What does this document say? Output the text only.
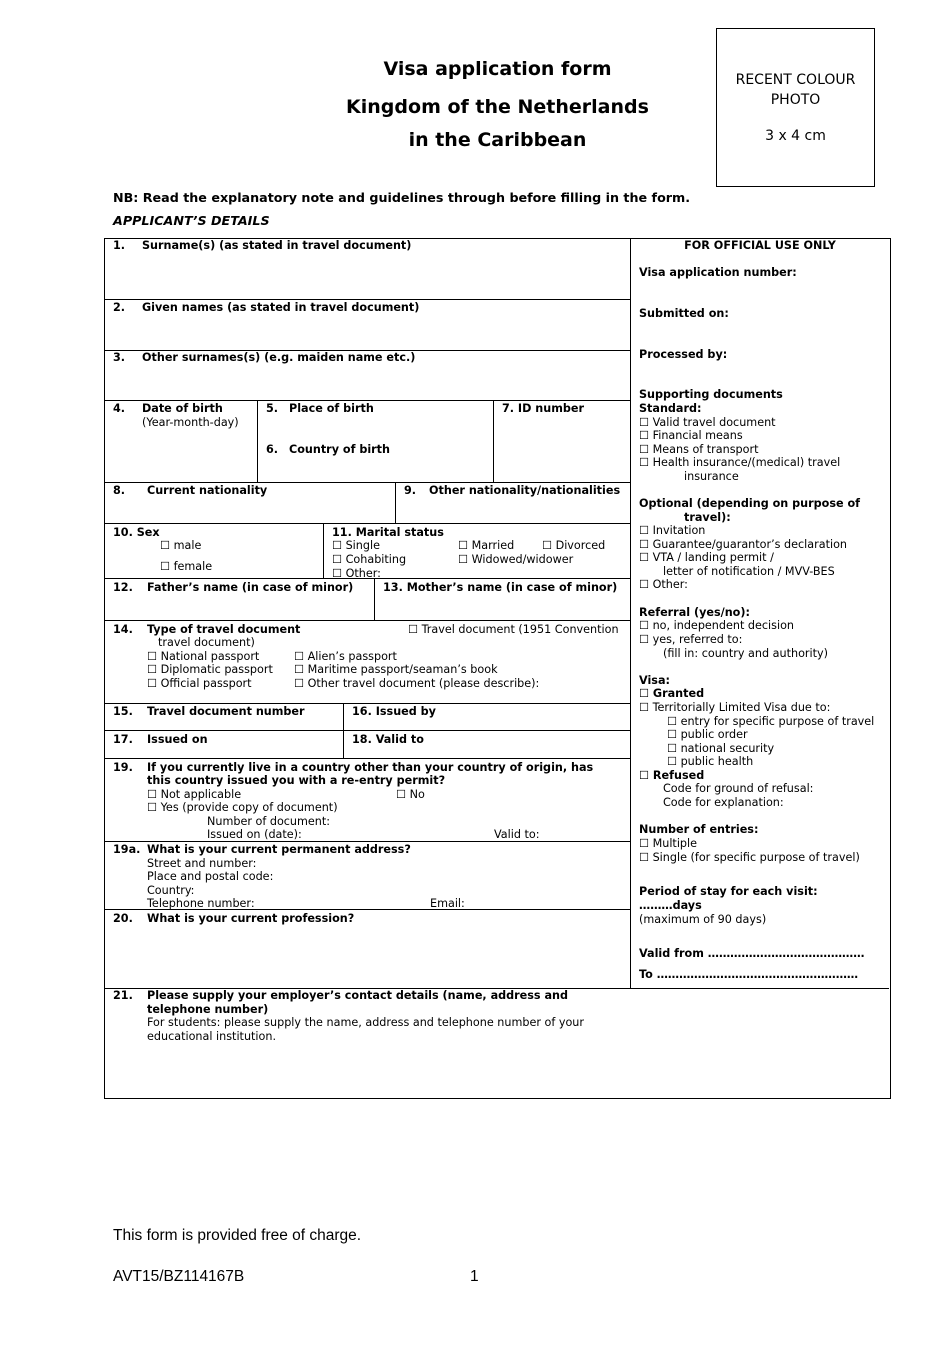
Visa application form
Kingdom of the Netherlands
in the Caribbean
RECENT COLOUR
PHOTO
3 x 4 cm
NB: Read the explanatory note and guidelines through before filling in the form.
APPLICANT’S DETAILS
1. Surname(s) (as stated in travel document)
2. Given names (as stated in travel document)
3. Other surnames(s) (e.g. maiden name etc.)
4. Date of birth
(Year-month-day)
5. Place of birth
6. Country of birth
7. ID number
8. Current nationality	9. Other nationality/nationalities
10. Sex
☐ male
☐ female
11. Marital status
☐ Single	☐ Married ☐ Divorced
☐ Cohabiting	☐ Widowed/widower
☐ Other:
12. Father’s name (in case of minor)	13. Mother’s name (in case of minor)
14. Type of travel document	☐ Travel document (1951 Convention
travel document)
☐ National passport	☐ Alien’s passport
☐ Diplomatic passport ☐ Maritime passport/seaman’s book
☐ Official passport	☐ Other travel document (please describe):
15. Travel document number	16. Issued by
17. Issued on	18. Valid to
19. If you currently live in a country other than your country of origin, has
this country issued you with a re-entry permit?
☐ Not applicable	☐ No
☐ Yes (provide copy of document)
Number of document:
Issued on (date):	Valid to:
19a. What is your current permanent address?
Street and number:
Place and postal code:
Country:
Telephone number:	Email:
20. What is your current profession?
21. Please supply your employer’s contact details (name, address and
telephone number)
For students: please supply the name, address and telephone number of your
educational institution.
FOR OFFICIAL USE ONLY
Visa application number:
Submitted on:
Processed by:
Supporting documents
Standard:
☐ Valid travel document
☐ Financial means
☐ Means of transport
☐ Health insurance/(medical) travel
insurance
Optional (depending on purpose of
travel):
☐ Invitation
☐ Guarantee/guarantor’s declaration
☐ VTA / landing permit /
letter of notification / MVV-BES
☐ Other:
Referral (yes/no):
☐ no, independent decision
☐ yes, referred to:
(fill in: country and authority)
Visa:
☐ Granted
☐ Territorially Limited Visa due to:
☐ entry for specific purpose of travel
☐ public order
☐ national security
☐ public health
☐ Refused
Code for ground of refusal:
Code for explanation:
Number of entries:
☐ Multiple
☐ Single (for specific purpose of travel)
Period of stay for each visit:
………days
(maximum of 90 days)
Valid from ……………………………………
To ………………………………………………
This form is provided free of charge.
AVT15/BZ114167B	1
